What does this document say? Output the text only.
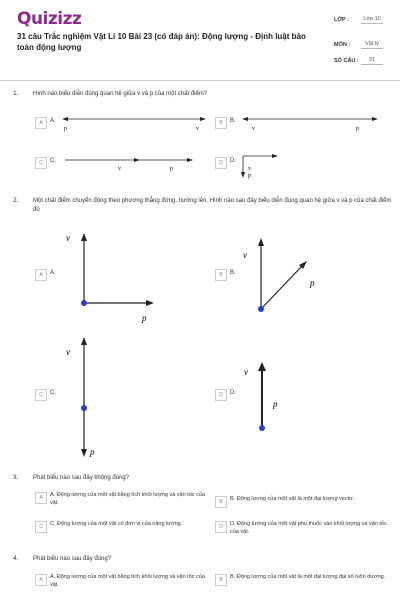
Quizizz
31 câu Trắc nghiệm Vật Lí 10 Bài 23 (có đáp án): Động lượng - Định luật bảo toàn động lượng
LỚP :	Lớp 10
MÔN :	Vật lý
SỐ CÂU :	31
1. Hình nào biểu diễn đúng quan hệ giữa v và p của một chất điểm?
A	A.
p	v
B	B.
v	p
C	C.
v	p
D	D.
v
p
2. Một chất điểm chuyển động theo phương thẳng đứng, hướng lên. Hình nào sau đây biểu diễn đúng quan hệ giữa v và p của chất điểm đó
A	A.
v
p
B	B.
v
p
C	C.
v
p
D	D.
v
p
3. Phát biểu nào sau đây không đúng?
A	A. Động lượng của một vật bằng tích khối lượng và vận tốc của vật.	B	B. Động lượng của một vật là một đại lượng vectơ.
C	C. Động lượng của một vật có đơn vị của năng lượng.	D	D. Động lượng của một vật phụ thuộc vào khối lượng và vận tốc của vật.
4. Phát biểu nào sau đây đúng?
A	A. Động lượng của một vật bằng tích khối lượng và vận tốc của vật.
B	B. Động lượng của một vật là một đại lượng đại số luôn dương.
